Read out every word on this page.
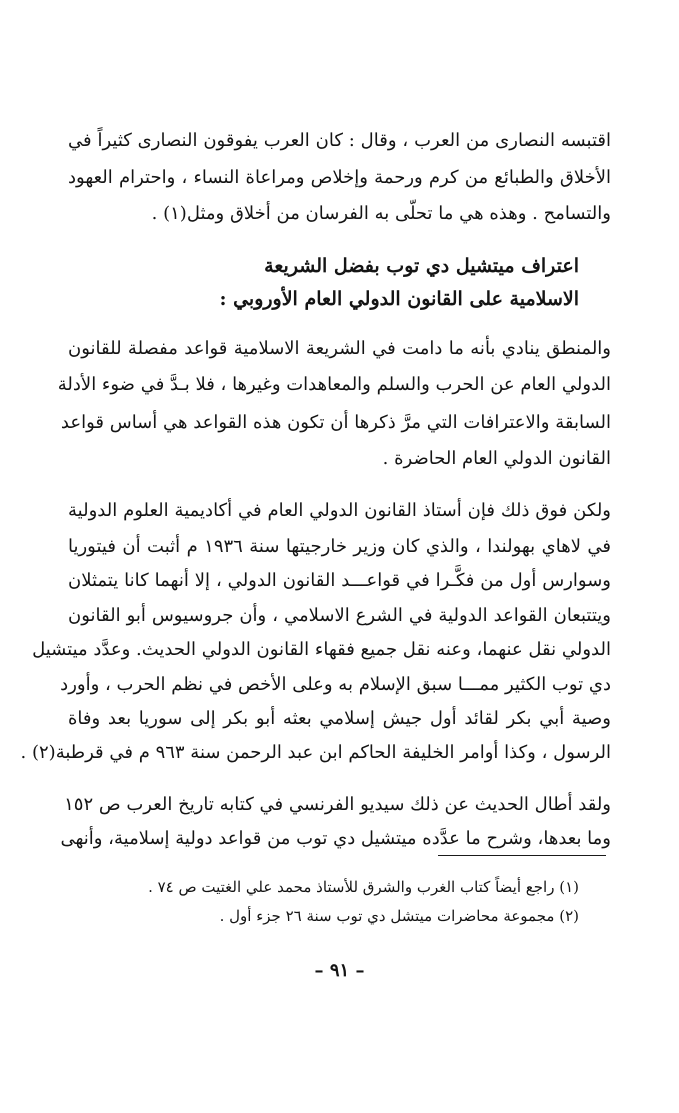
اقتبسه النصارى من العرب ، وقال : كان العرب يفوقون النصارى كثيراً في
الأخلاق والطبائع من كرم ورحمة وإخلاص ومراعاة النساء ، واحترام العهود
والتسامح . وهذه هي ما تحلّى به الفرسان من أخلاق ومثل(١) .
اعتراف ميتشيل دي توب بفضل الشريعة
الاسلامية على القانون الدولي العام الأوروبي :
والمنطق ينادي بأنه ما دامت في الشريعة الاسلامية قواعد مفصلة للقانون
الدولي العام عن الحرب والسلم والمعاهدات وغيرها ، فلا بـدَّ في ضوء الأدلة
السابقة والاعترافات التي مرَّ ذكرها أن تكون هذه القواعد هي أساس قواعد
القانون الدولي العام الحاضرة .
ولكن فوق ذلك فإن أستاذ القانون الدولي العام في أكاديمية العلوم الدولية
في لاهاي بهولندا ، والذي كان وزير خارجيتها سنة ١٩٣٦ م أثبت أن فيتوريا
وسوارس أول من فكَّـرا في قواعـــد القانون الدولي ، إلا أنهما كانا يتمثلان
ويتتبعان القواعد الدولية في الشرع الاسلامي ، وأن جروسيوس أبو القانون
الدولي نقل عنهما، وعنه نقل جميع فقهاء القانون الدولي الحديث. وعدَّد ميتشيل
دي توب الكثير ممـــا سبق الإسلام به وعلى الأخص في نظم الحرب ، وأورد
وصية أبي بكر لقائد أول جيش إسلامي بعثه أبو بكر إلى سوريا بعد وفاة
الرسول ، وكذا أوامر الخليفة الحاكم ابن عبد الرحمن سنة ٩٦٣ م في قرطبة(٢) .
ولقد أطال الحديث عن ذلك سيديو الفرنسي في كتابه تاريخ العرب ص ١٥٢
وما بعدها، وشرح ما عدَّده ميتشيل دي توب من قواعد دولية إسلامية، وأنهى
(١) راجع أيضاً كتاب الغرب والشرق للأستاذ محمد علي الغتيت ص ٧٤ .
(٢) مجموعة محاضرات ميتشل دي توب سنة ٢٦ جزء أول .
– ٩١ –
